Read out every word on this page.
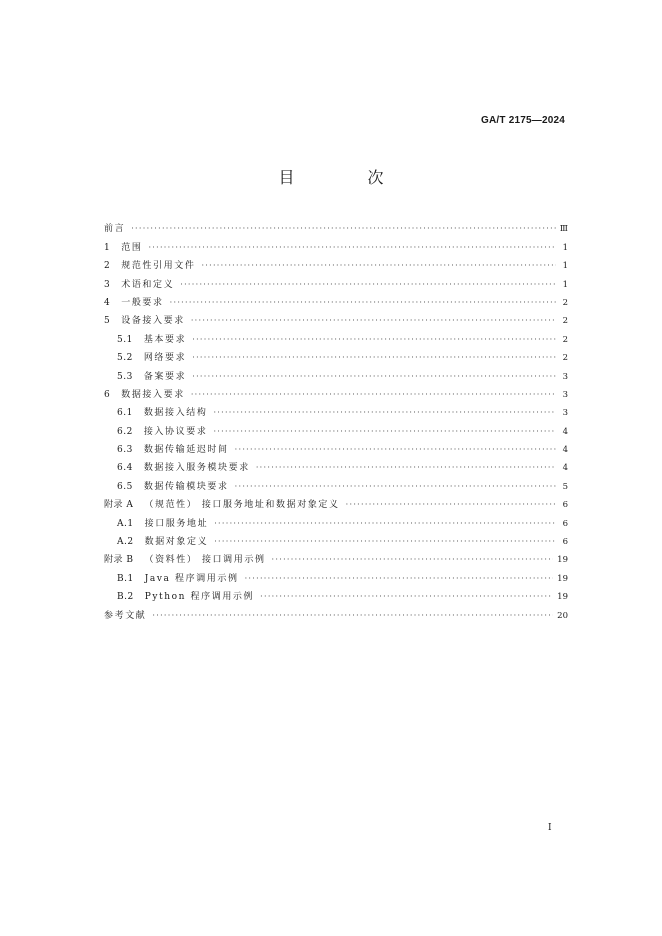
GA/T 2175—2024
目 次
前言 ·····	Ⅲ
1 范围 ·····	1
2 规范性引用文件 ·····	1
3 术语和定义 ·····	1
4 一般要求 ·····	2
5 设备接入要求 ·····	2
5.1 基本要求 ·····	2
5.2 网络要求 ·····	2
5.3 备案要求 ·····	3
6 数据接入要求 ·····	3
6.1 数据接入结构 ·····	3
6.2 接入协议要求 ·····	4
6.3 数据传输延迟时间 ·····	4
6.4 数据接入服务模块要求 ·····	4
6.5 数据传输模块要求 ·····	5
附录 A （规范性） 接口服务地址和数据对象定义 ·····	6
A.1 接口服务地址 ·····	6
A.2 数据对象定义 ·····	6
附录 B （资料性） 接口调用示例 ·····	19
B.1 Java 程序调用示例 ·····	19
B.2 Python 程序调用示例 ·····	19
参考文献 ·····	20
I
